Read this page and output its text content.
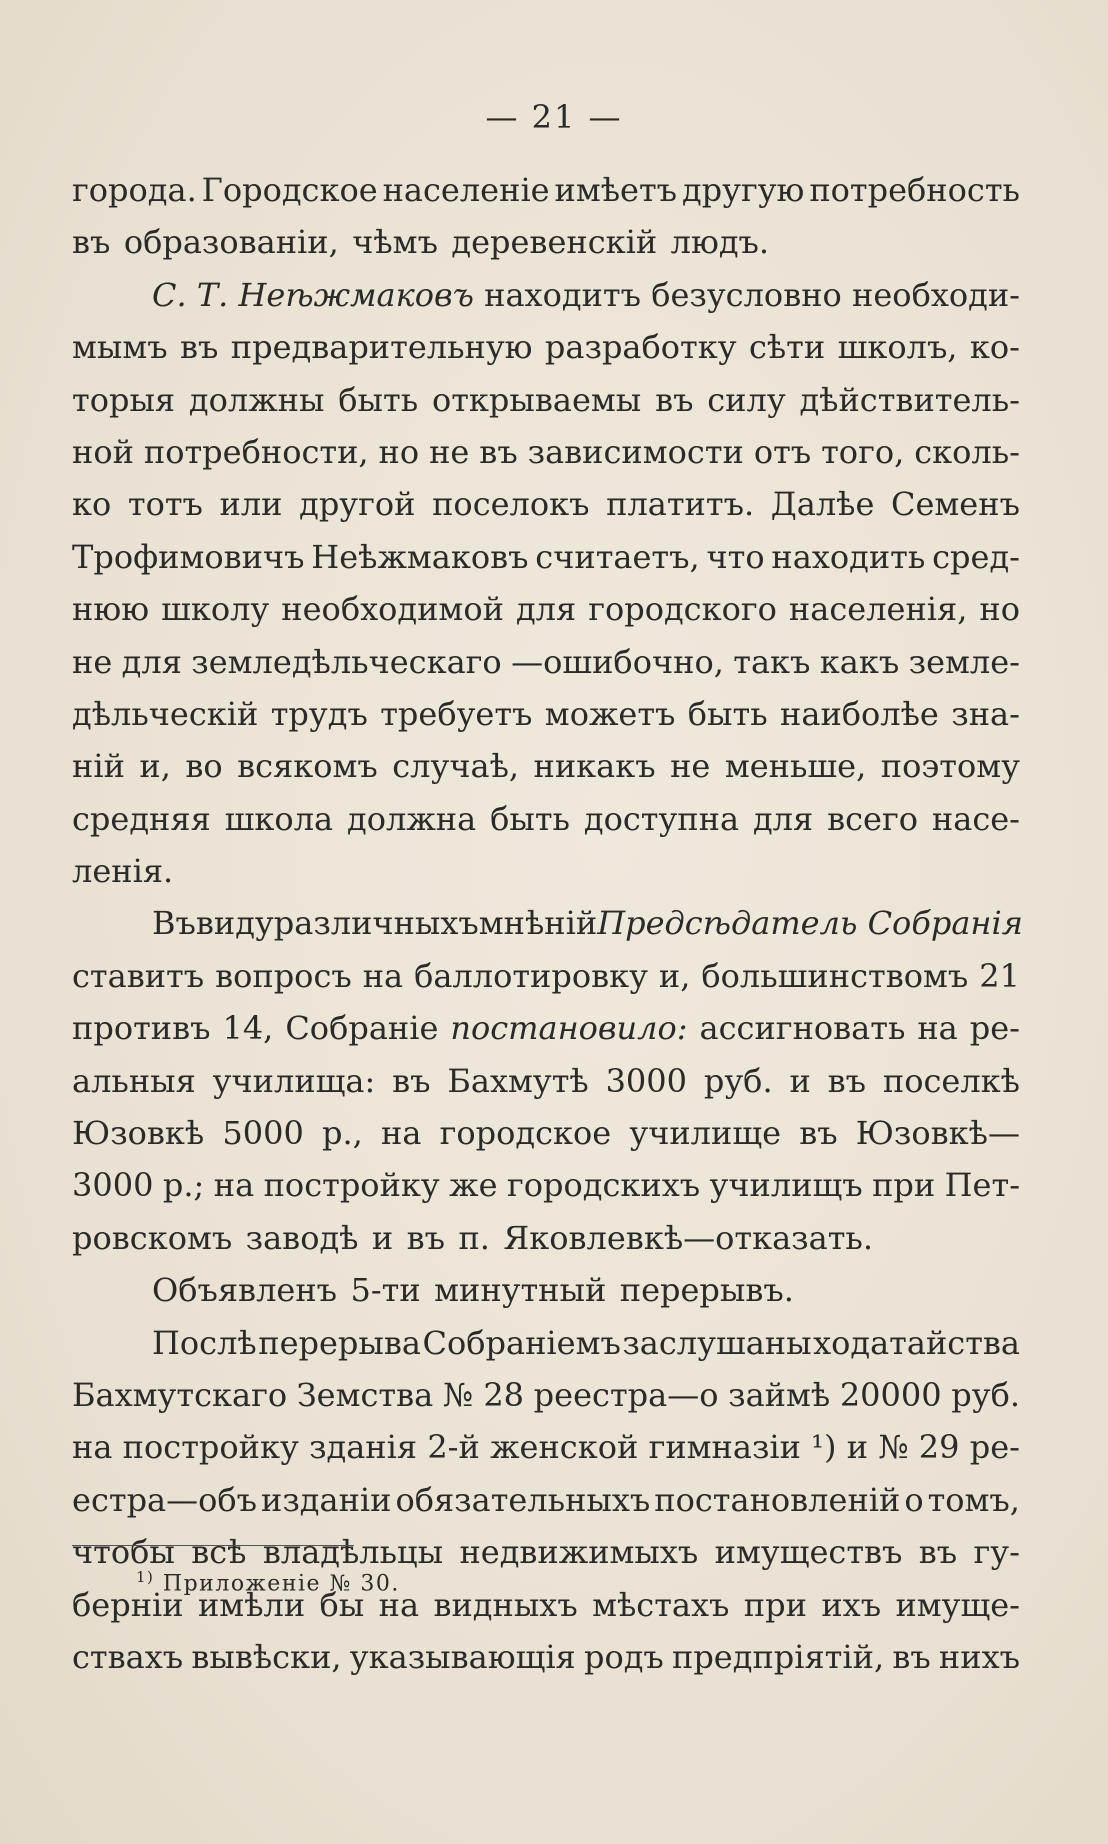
— 21 —
города. Городское населеніе имѣетъ другую потребность
въ образованіи, чѣмъ деревенскій людъ.
С. Т. Неѣжмаковъ находитъ безусловно необходи-
мымъ въ предварительную разработку сѣти школъ, ко-
торыя должны быть открываемы въ силу дѣйствитель-
ной потребности, но не въ зависимости отъ того, сколь-
ко тотъ или другой поселокъ платитъ. Далѣе Семенъ
Трофимовичъ Неѣжмаковъ считаетъ, что находить сред-
нюю школу необходимой для городского населенія, но
не для земледѣльческаго —ошибочно, такъ какъ земле-
дѣльческій трудъ требуетъ можетъ быть наиболѣе зна-
ній и, во всякомъ случаѣ, никакъ не меньше, поэтому
средняя школа должна быть доступна для всего насе-
ленія.
Въ виду различныхъ мнѣній Предсѣдатель Собранія
ставитъ вопросъ на баллотировку и, большинствомъ 21
противъ 14, Собраніе постановило: ассигновать на ре-
альныя училища: въ Бахмутѣ 3000 руб. и въ поселкѣ
Юзовкѣ 5000 р., на городское училище въ Юзовкѣ—
3000 р.; на постройку же городскихъ училищъ при Пет-
ровскомъ заводѣ и въ п. Яковлевкѣ—отказать.
Объявленъ 5-ти минутный перерывъ.
Послѣ перерыва Собраніемъ заслушаны ходатайства
Бахмутскаго Земства № 28 реестра—о займѣ 20000 руб.
на постройку зданія 2-й женской гимназіи ¹) и № 29 ре-
естра—объ изданіи обязательныхъ постановленій о томъ,
чтобы всѣ владѣльцы недвижимыхъ имуществъ въ гу-
берніи имѣли бы на видныхъ мѣстахъ при ихъ имуще-
ствахъ вывѣски, указывающія родъ предпріятій, въ нихъ
$^{1)}$ Приложеніе № 30.
